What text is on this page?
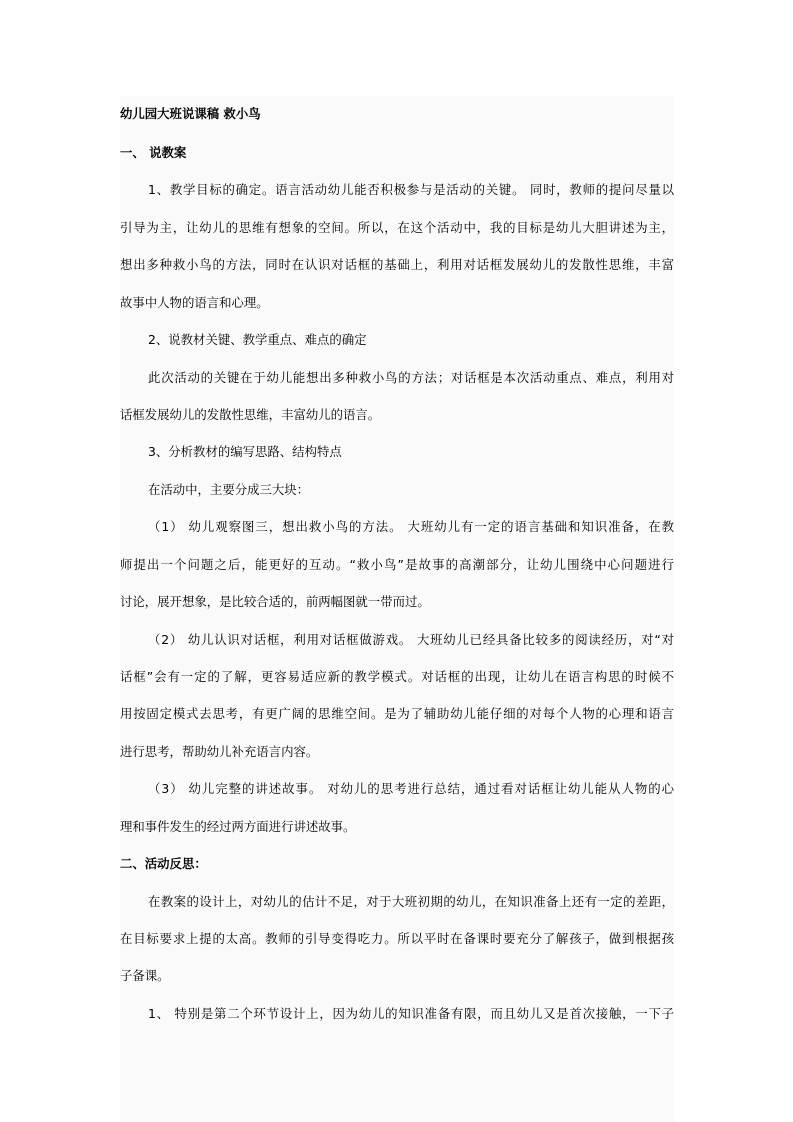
幼儿园大班说课稿 救小鸟
一、 说教案
1、教学目标的确定。语言活动幼儿能否积极参与是活动的关键。 同时，教师的提问尽量以
引导为主，让幼儿的思维有想象的空间。所以，在这个活动中，我的目标是幼儿大胆讲述为主，
想出多种救小鸟的方法，同时在认识对话框的基础上，利用对话框发展幼儿的发散性思维，丰富
故事中人物的语言和心理。
2、说教材关键、教学重点、难点的确定
此次活动的关键在于幼儿能想出多种救小鸟的方法；对话框是本次活动重点、难点，利用对
话框发展幼儿的发散性思维，丰富幼儿的语言。
3、分析教材的编写思路、结构特点
在活动中，主要分成三大块：
（1） 幼儿观察图三，想出救小鸟的方法。 大班幼儿有一定的语言基础和知识准备，在教
师提出一个问题之后，能更好的互动。“救小鸟”是故事的高潮部分，让幼儿围绕中心问题进行
讨论，展开想象，是比较合适的，前两幅图就一带而过。
（2） 幼儿认识对话框，利用对话框做游戏。 大班幼儿已经具备比较多的阅读经历，对“对
话框”会有一定的了解，更容易适应新的教学模式。对话框的出现，让幼儿在语言构思的时候不
用按固定模式去思考，有更广阔的思维空间。是为了辅助幼儿能仔细的对每个人物的心理和语言
进行思考，帮助幼儿补充语言内容。
（3） 幼儿完整的讲述故事。 对幼儿的思考进行总结，通过看对话框让幼儿能从人物的心
理和事件发生的经过两方面进行讲述故事。
二、活动反思：
在教案的设计上，对幼儿的估计不足，对于大班初期的幼儿，在知识准备上还有一定的差距，
在目标要求上提的太高。教师的引导变得吃力。所以平时在备课时要充分了解孩子，做到根据孩
子备课。
1、 特别是第二个环节设计上，因为幼儿的知识准备有限，而且幼儿又是首次接触，一下子
